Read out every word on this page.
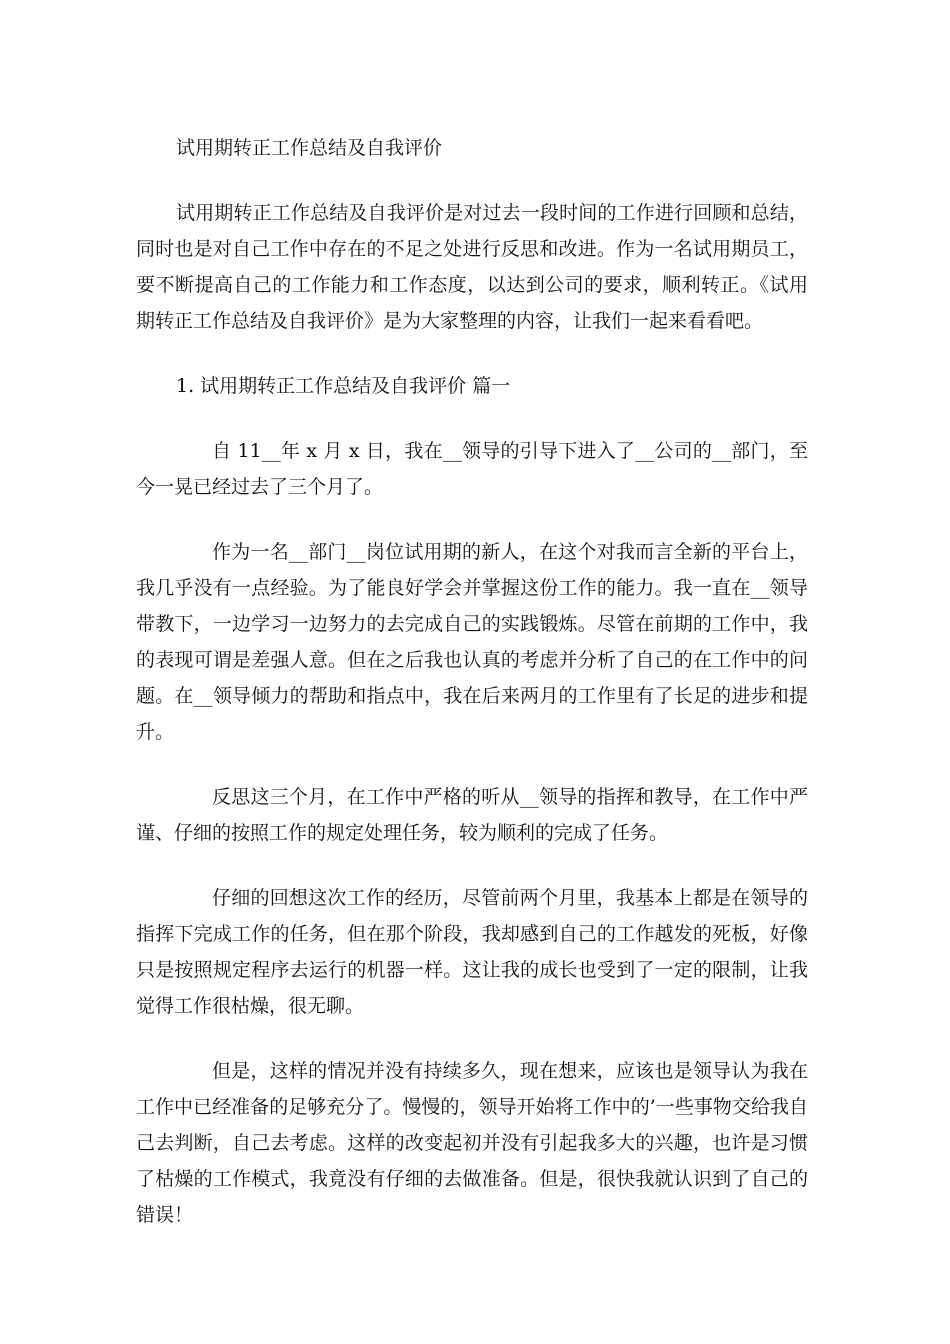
试用期转正工作总结及自我评价

试用期转正工作总结及自我评价是对过去一段时间的工作进行回顾和总结，同时也是对自己工作中存在的不足之处进行反思和改进。作为一名试用期员工，要不断提高自己的工作能力和工作态度，以达到公司的要求，顺利转正。《试用期转正工作总结及自我评价》是为大家整理的内容，让我们一起来看看吧。

1. 试用期转正工作总结及自我评价 篇一

自 11__年 x 月 x 日，我在__领导的引导下进入了__公司的__部门，至今一晃已经过去了三个月了。

作为一名__部门__岗位试用期的新人，在这个对我而言全新的平台上，我几乎没有一点经验。为了能良好学会并掌握这份工作的能力。我一直在__领导带教下，一边学习一边努力的去完成自己的实践锻炼。尽管在前期的工作中，我的表现可谓是差强人意。但在之后我也认真的考虑并分析了自己的在工作中的问题。在__领导倾力的帮助和指点中，我在后来两月的工作里有了长足的进步和提升。

反思这三个月，在工作中严格的听从__领导的指挥和教导，在工作中严谨、仔细的按照工作的规定处理任务，较为顺利的完成了任务。

仔细的回想这次工作的经历，尽管前两个月里，我基本上都是在领导的指挥下完成工作的任务，但在那个阶段，我却感到自己的工作越发的死板，好像只是按照规定程序去运行的机器一样。这让我的成长也受到了一定的限制，让我觉得工作很枯燥，很无聊。

但是，这样的情况并没有持续多久，现在想来，应该也是领导认为我在工作中已经准备的足够充分了。慢慢的，领导开始将工作中的’一些事物交给我自己去判断，自己去考虑。这样的改变起初并没有引起我多大的兴趣，也许是习惯了枯燥的工作模式，我竟没有仔细的去做准备。但是，很快我就认识到了自己的错误！
